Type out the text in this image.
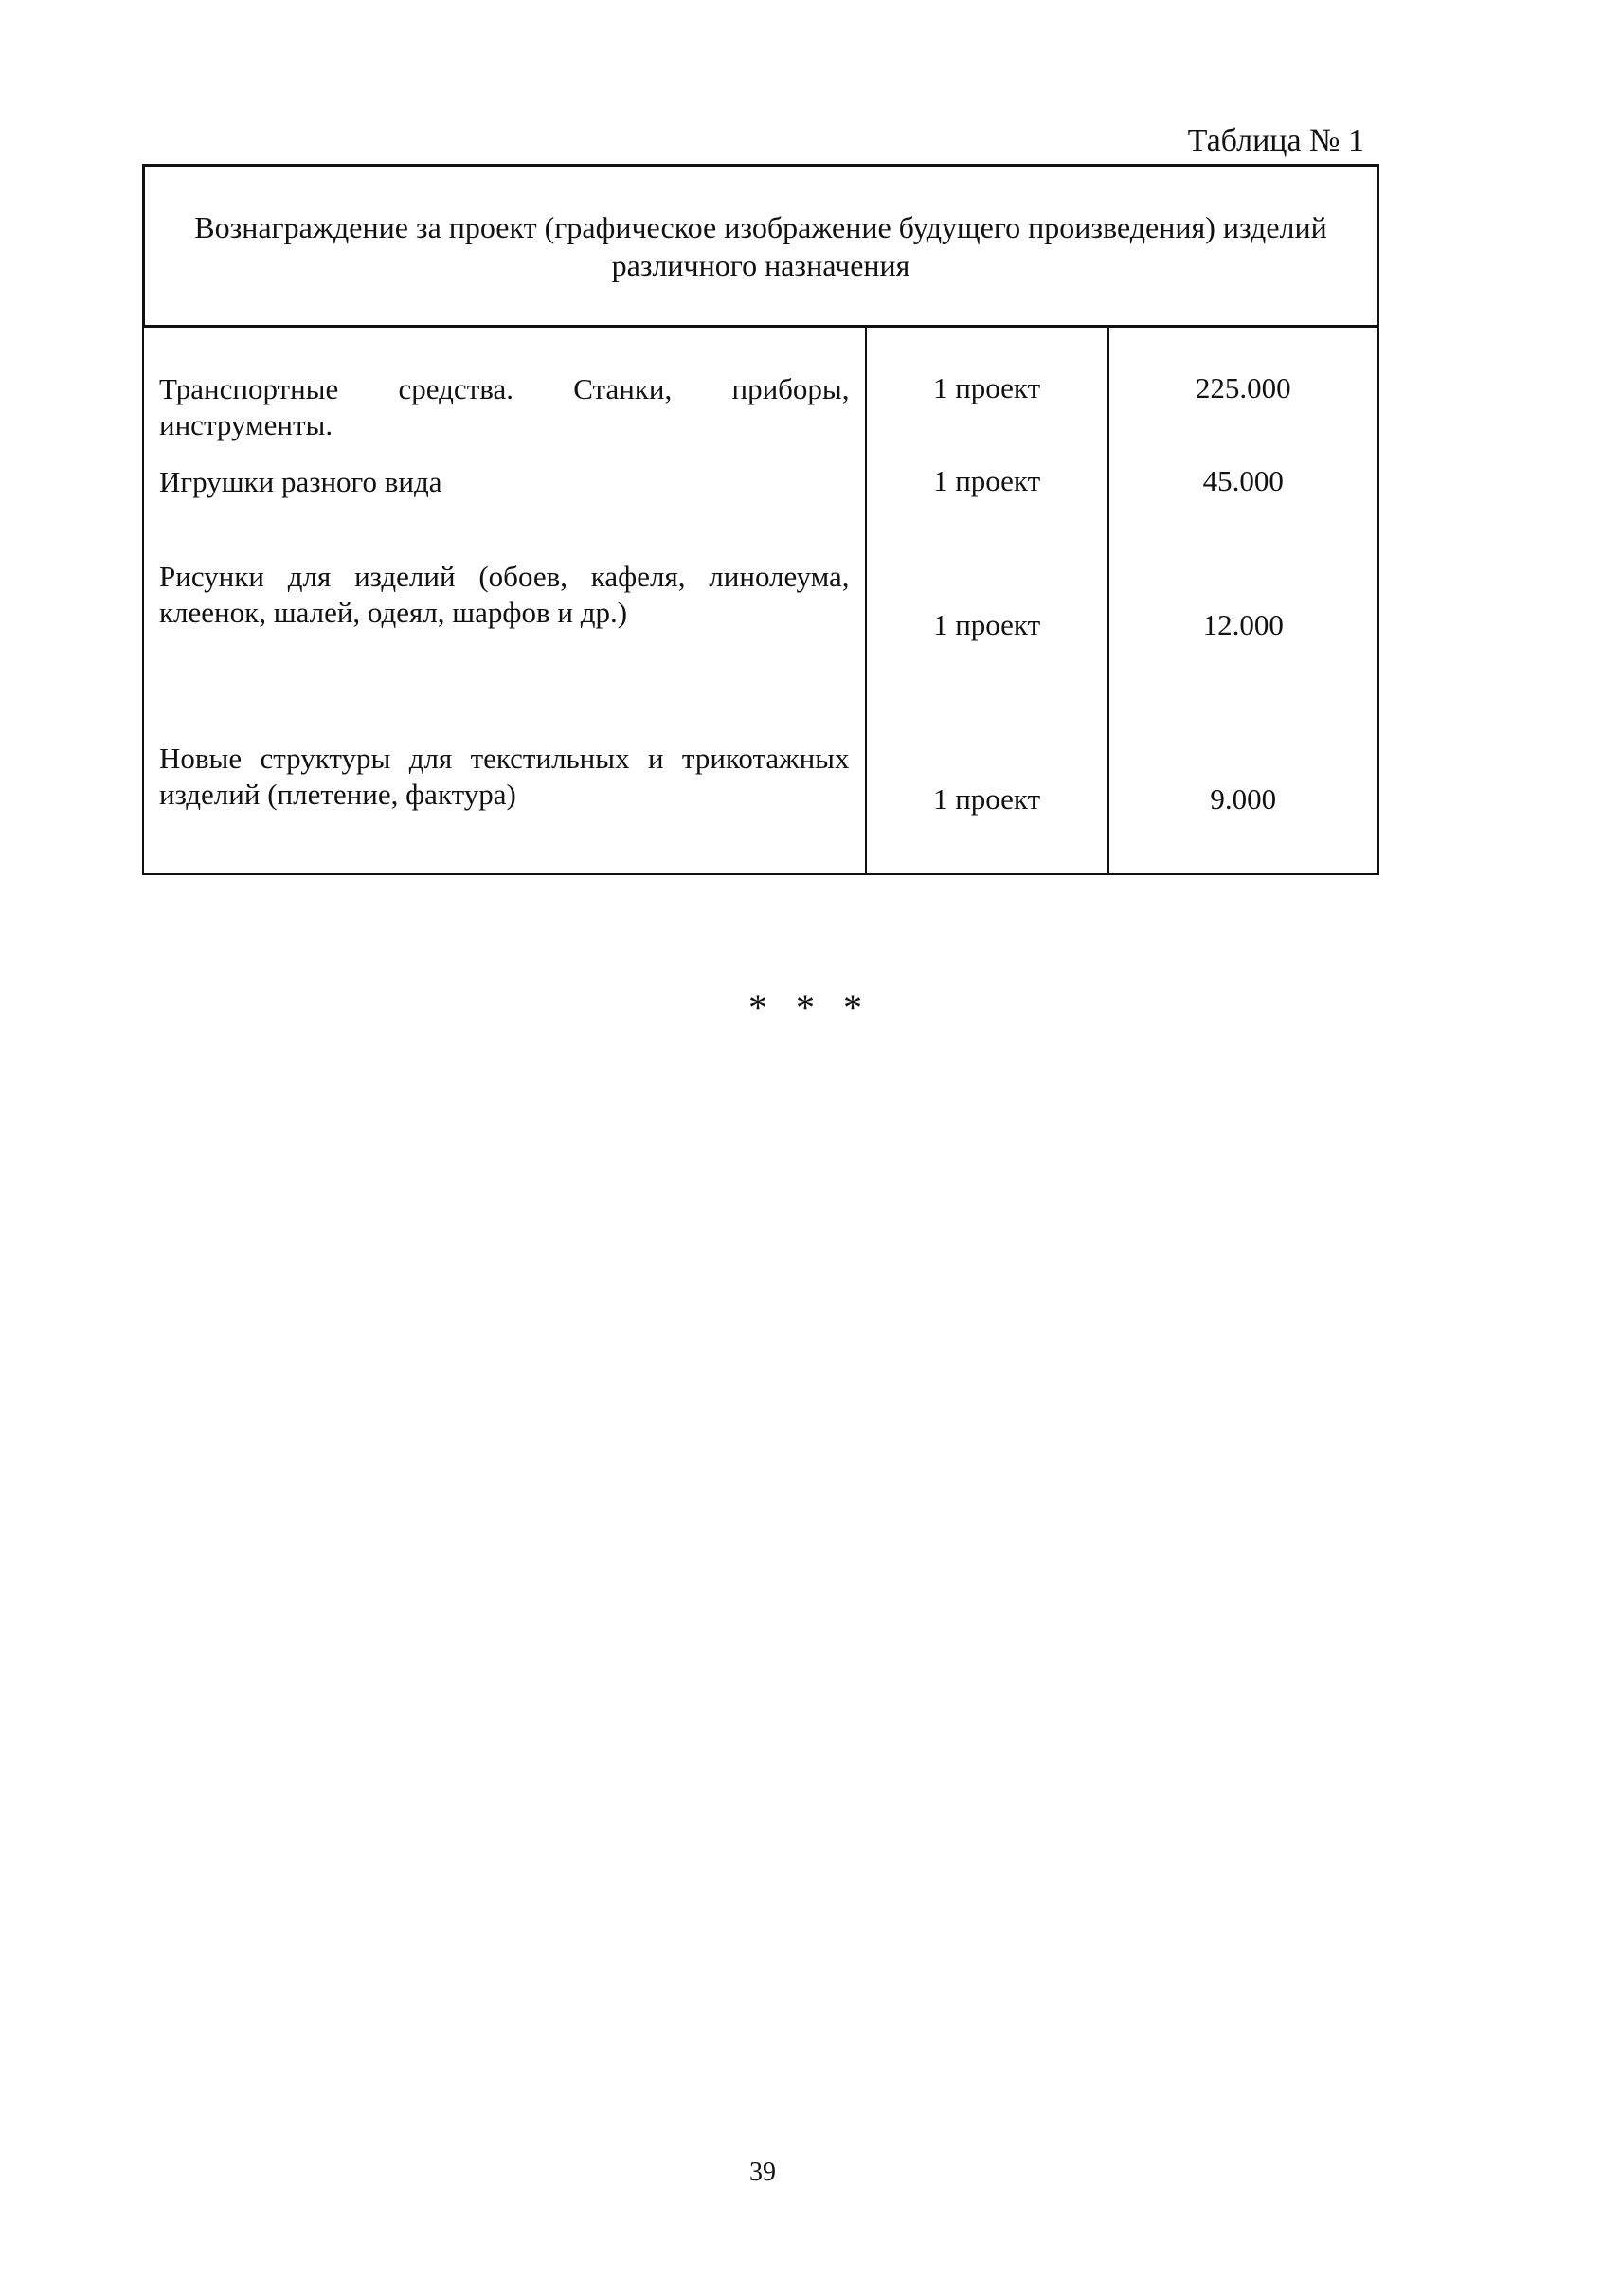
Таблица № 1
Вознаграждение за проект (графическое изображение будущего произведения) изделий различного назначения
Транспортные средства. Станки, приборы, инструменты.	1 проект	225.000
Игрушки разного вида	1 проект	45.000
Рисунки для изделий (обоев, кафеля, линолеума, клеенок, шалей, одеял, шарфов и др.)	1 проект	12.000
Новые структуры для текстильных и трикотажных изделий (плетение, фактура)	1 проект	9.000
* * *
39
